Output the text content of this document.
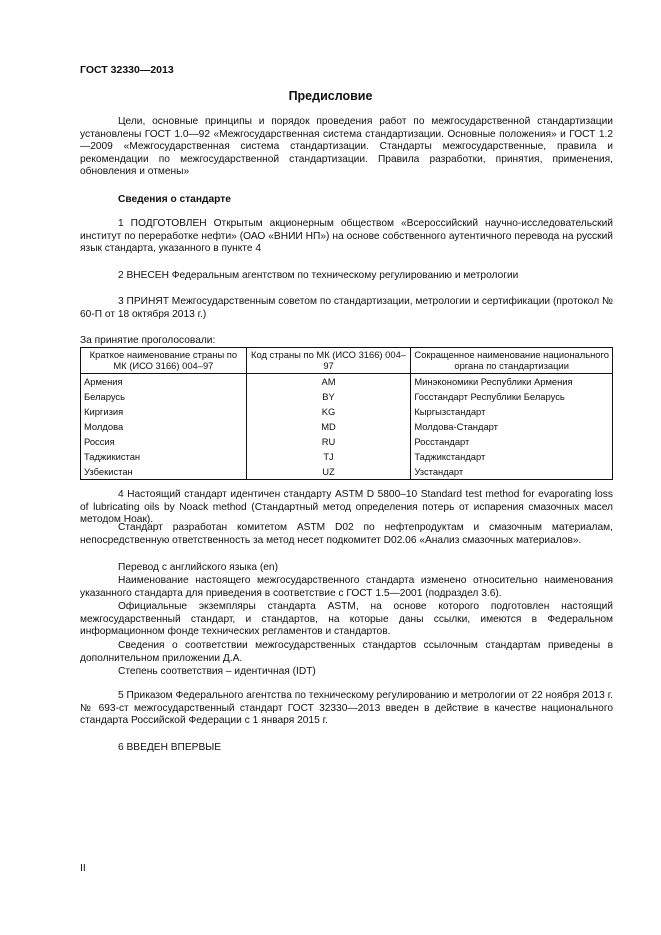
ГОСТ 32330—2013
Предисловие
Цели, основные принципы и порядок проведения работ по межгосударственной стандартизации установлены ГОСТ 1.0—92 «Межгосударственная система стандартизации. Основные положения» и ГОСТ 1.2—2009 «Межгосударственная система стандартизации. Стандарты межгосударственные, правила и рекомендации по межгосударственной стандартизации. Правила разработки, принятия, применения, обновления и отмены»
Сведения о стандарте
1 ПОДГОТОВЛЕН Открытым акционерным обществом «Всероссийский научно-исследовательский институт по переработке нефти» (ОАО «ВНИИ НП») на основе собственного аутентичного перевода на русский язык стандарта, указанного в пункте 4
2 ВНЕСЕН Федеральным агентством по техническому регулированию и метрологии
3 ПРИНЯТ Межгосударственным советом по стандартизации, метрологии и сертификации (протокол № 60-П от 18 октября 2013 г.)
За принятие проголосовали:
Краткое наименование страны по МК (ИСО 3166) 004–97	Код страны по МК (ИСО 3166) 004–97	Сокращенное наименование национального органа по стандартизации
Армения	AM	Минэкономики Республики Армения
Беларусь	BY	Госстандарт Республики Беларусь
Киргизия	KG	Кыргызстандарт
Молдова	MD	Молдова-Стандарт
Россия	RU	Росстандарт
Таджикистан	TJ	Таджикстандарт
Узбекистан	UZ	Узстандарт
4 Настоящий стандарт идентичен стандарту ASTM D 5800–10 Standard test method for evaporating loss of lubricating oils by Noack method (Стандартный метод определения потерь от испарения смазочных масел методом Ноак).
Стандарт разработан комитетом ASTM D02 по нефтепродуктам и смазочным материалам, непосредственную ответственность за метод несет подкомитет D02.06 «Анализ смазочных материалов».
Перевод с английского языка (en)
Наименование настоящего межгосударственного стандарта изменено относительно наименования указанного стандарта для приведения в соответствие с ГОСТ 1.5—2001 (подраздел 3.6).
Официальные экземпляры стандарта ASTM, на основе которого подготовлен настоящий межгосударственный стандарт, и стандартов, на которые даны ссылки, имеются в Федеральном информационном фонде технических регламентов и стандартов.
Сведения о соответствии межгосударственных стандартов ссылочным стандартам приведены в дополнительном приложении Д.А.
Степень соответствия – идентичная (IDT)
5 Приказом Федерального агентства по техническому регулированию и метрологии от 22 ноября 2013 г. № 693-ст межгосударственный стандарт ГОСТ 32330—2013 введен в действие в качестве национального стандарта Российской Федерации с 1 января 2015 г.
6 ВВЕДЕН ВПЕРВЫЕ
II
